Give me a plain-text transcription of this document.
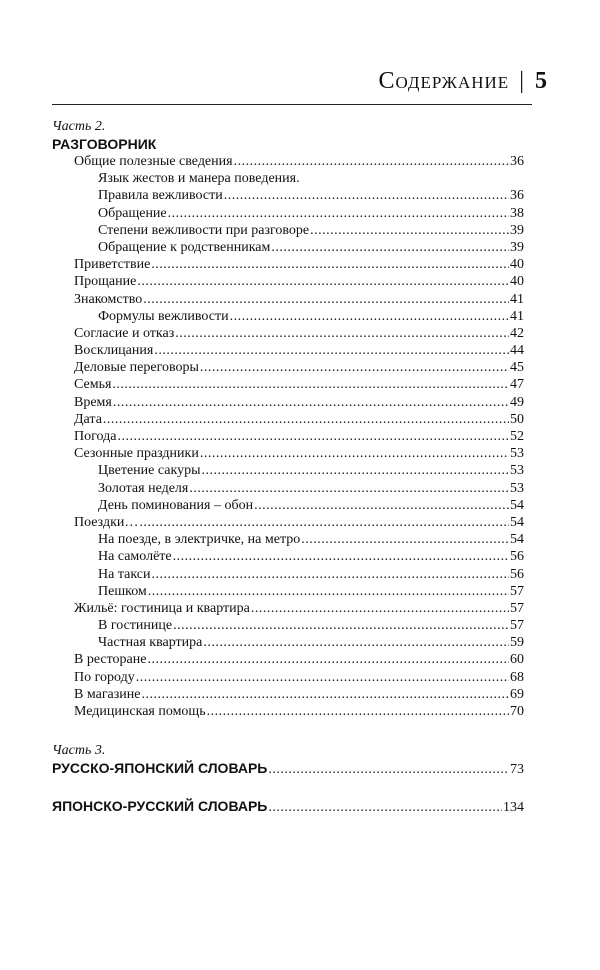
Содержание | 5
Часть 2.
РАЗГОВОРНИК
Общие полезные сведения .....	36
Язык жестов и манера поведения.
Правила вежливости .....	36
Обращение .....	38
Степени вежливости при разговоре .....	39
Обращение к родственникам .....	39
Приветствие .....	40
Прощание .....	40
Знакомство .....	41
Формулы вежливости .....	41
Согласие и отказ .....	42
Восклицания .....	44
Деловые переговоры .....	45
Семья .....	47
Время .....	49
Дата .....	50
Погода .....	52
Сезонные праздники .....	53
Цветение сакуры .....	53
Золотая неделя .....	53
День поминования – обон .....	54
Поездки… .....	54
На поезде, в электричке, на метро .....	54
На самолёте .....	56
На такси .....	56
Пешком .....	57
Жильё: гостиница и квартира .....	57
В гостинице .....	57
Частная квартира .....	59
В ресторане .....	60
По городу .....	68
В магазине .....	69
Медицинская помощь .....	70
Часть 3.
РУССКО-ЯПОНСКИЙ СЛОВАРЬ .....	73
ЯПОНСКО-РУССКИЙ СЛОВАРЬ .....	134
